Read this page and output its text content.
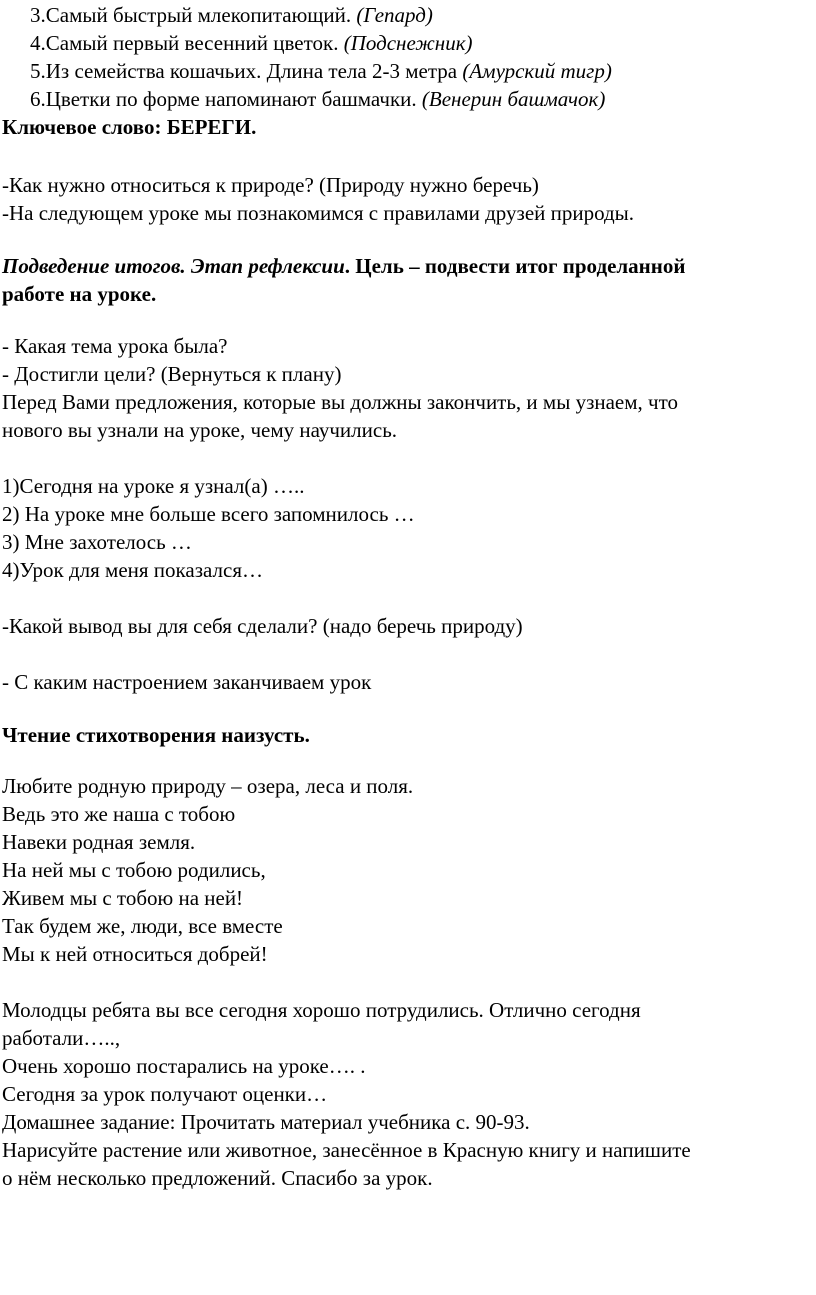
3.Самый быстрый млекопитающий. (Гепард)
4.Самый первый весенний цветок. (Подснежник)
5.Из семейства кошачьих. Длина тела 2-3 метра (Амурский тигр)
6.Цветки по форме напоминают башмачки. (Венерин башмачок)
Ключевое слово: БЕРЕГИ.
-Как нужно относиться к природе? (Природу нужно беречь)
-На следующем уроке мы познакомимся с правилами друзей природы.
Подведение итогов. Этап рефлексии. Цель – подвести итог проделанной
работе на уроке.
- Какая тема урока была?
- Достигли цели? (Вернуться к плану)
Перед Вами предложения, которые вы должны закончить, и мы узнаем, что
нового вы узнали на уроке, чему научились.
1)Сегодня на уроке я узнал(а) …..
2) На уроке мне больше всего запомнилось …
3) Мне захотелось …
4)Урок для меня показался…
-Какой вывод вы для себя сделали? (надо беречь природу)
- С каким настроением заканчиваем урок
Чтение стихотворения наизусть.
Любите родную природу – озера, леса и поля.
Ведь это же наша с тобою
Навеки родная земля.
На ней мы с тобою родились,
Живем мы с тобою на ней!
Так будем же, люди, все вместе
Мы к ней относиться добрей!
Молодцы ребята вы все сегодня хорошо потрудились. Отлично сегодня
работали…..,
Очень хорошо постарались на уроке…. .
Сегодня за урок получают оценки…
Домашнее задание: Прочитать материал учебника с. 90-93.
Нарисуйте растение или животное, занесённое в Красную книгу и напишите
о нём несколько предложений. Спасибо за урок.
